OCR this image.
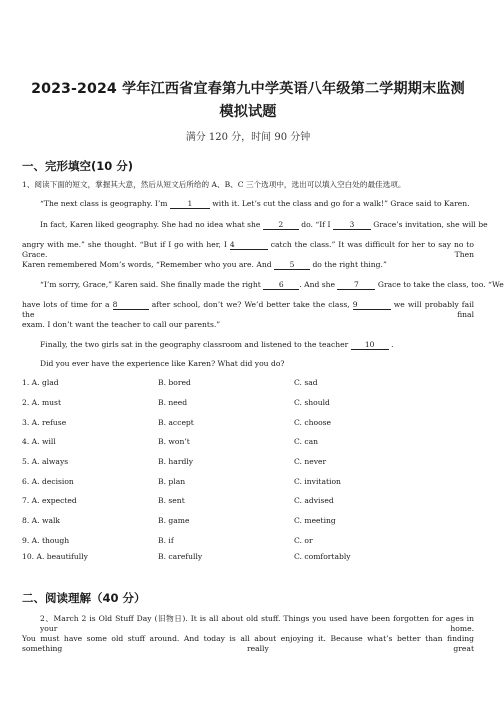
2023-2024 学年江西省宜春第九中学英语八年级第二学期期末监测
模拟试题
满分 120 分，时间 90 分钟
一、完形填空(10 分)
1、阅读下面的短文，掌握其大意，然后从短文后所给的 A、B、C 三个选项中，选出可以填入空白处的最佳选项。
“The next class is geography. I’m 1 with it. Let’s cut the class and go for a walk!” Grace said to Karen.
In fact, Karen liked geography. She had no idea what she 2 do. “If I 3 Grace’s invitation, she will be
angry with me.” she thought. “But if I go with her, I 4	catch the class.” It was difficult for her to say no to Grace. Then
Karen remembered Mom’s words, “Remember who you are. And 5 do the right thing.”
“I’m sorry, Grace,” Karen said. She finally made the right 6 . And she 7 Grace to take the class, too. “We
have lots of time for a 8	after school, don’t we? We’d better take the class, 9	we will probably fail the final
exam. I don’t want the teacher to call our parents.”
Finally, the two girls sat in the geography classroom and listened to the teacher 10 .
Did you ever have the experience like Karen? What did you do?
1. A. glad	B. bored	C. sad
2. A. must	B. need	C. should
3. A. refuse	B. accept	C. choose
4. A. will	B. won’t	C. can
5. A. always	B. hardly	C. never
6. A. decision	B. plan	C. invitation
7. A. expected	B. sent	C. advised
8. A. walk	B. game	C. meeting
9. A. though	B. if	C. or
10. A. beautifully	B. carefully	C. comfortably
二、阅读理解（40 分）
2、March 2 is Old Stuff Day (旧物日). It is all about old stuff. Things you used have been forgotten for ages in your home.
You must have some old stuff around. And today is all about enjoying it. Because what’s better than finding something really great
